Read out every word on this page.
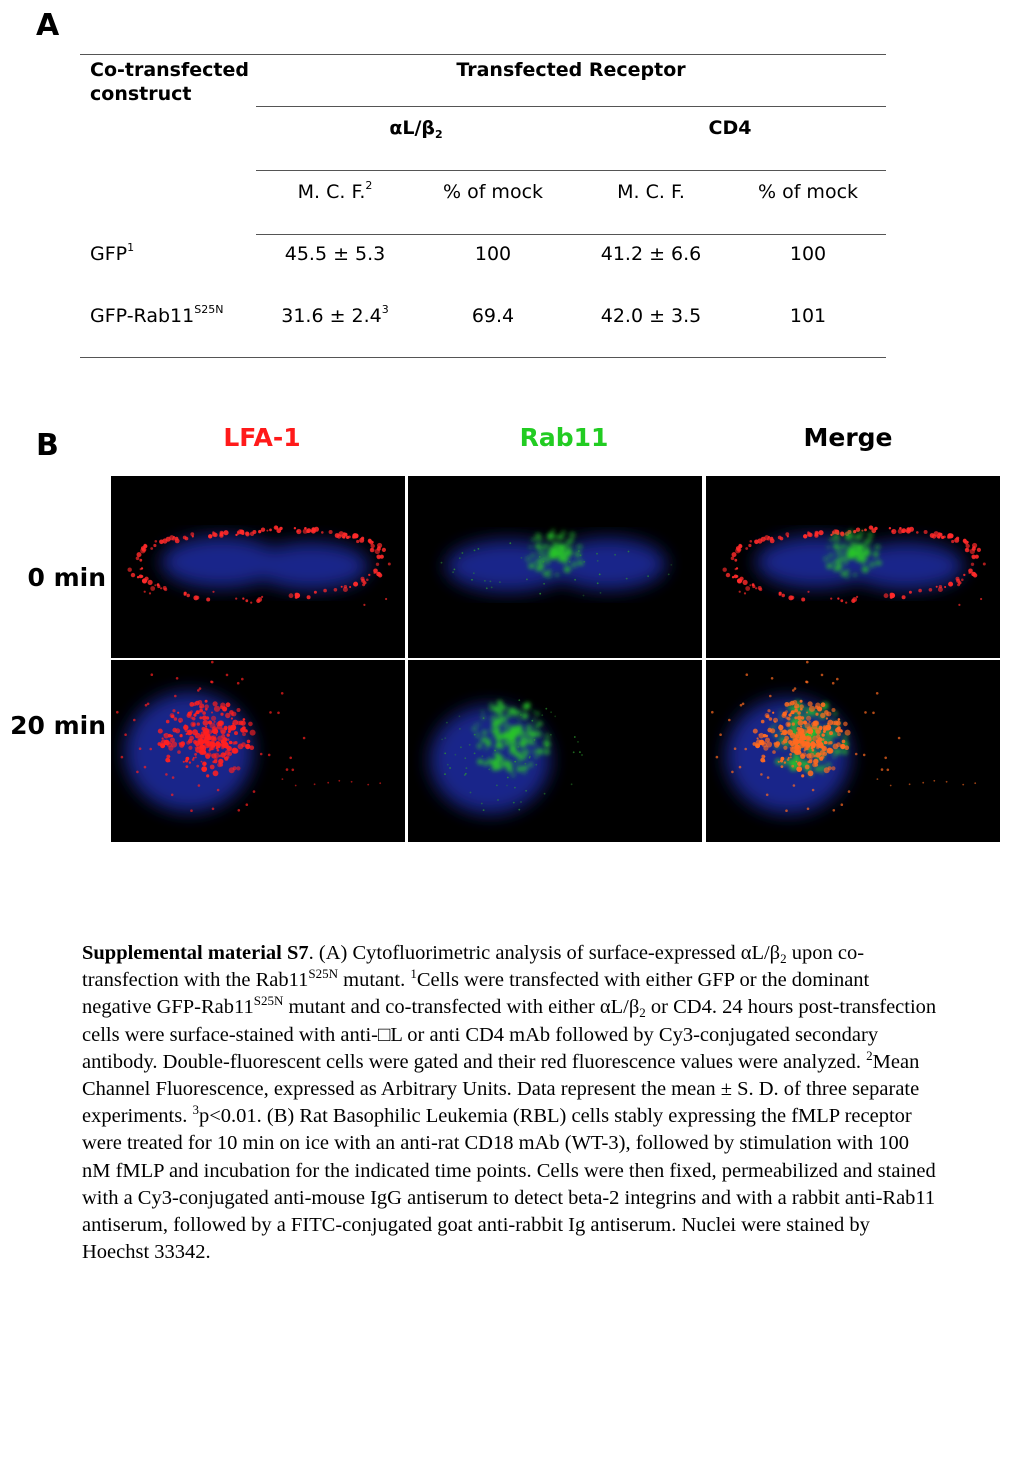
A
Co-transfected construct
Transfected Receptor
$\alpha L/\beta_2$	CD4
M. C. F.$^2$	% of mock	M. C. F.	% of mock
GFP$^1$	45.5 ± 5.3	100	41.2 ± 6.6	100
GFP-$Rab11^{S25N}$	$31.6 \pm 2.4^3$	69.4	42.0 ± 3.5	101
B	LFA-1	Rab11	Merge
0 min
20 min
Supplemental material S7. (A) Cytofluorimetric analysis of surface-expressed αL/β2 upon co-transfection with the $Rab11^{S25N}$ mutant. $^1$Cells were transfected with either GFP or the dominant negative GFP-$Rab11^{S25N}$ mutant and co-transfected with either αL/β2 or CD4. 24 hours post-transfection cells were surface-stained with anti-□L or anti CD4 mAb followed by Cy3-conjugated secondary antibody. Double-fluorescent cells were gated and their red fluorescence values were analyzed. $^2$Mean Channel Fluorescence, expressed as Arbitrary Units. Data represent the mean ± S. D. of three separate experiments. $^3$p<0.01. (B) Rat Basophilic Leukemia (RBL) cells stably expressing the fMLP receptor were treated for 10 min on ice with an anti-rat CD18 mAb (WT-3), followed by stimulation with 100 nM fMLP and incubation for the indicated time points. Cells were then fixed, permeabilized and stained with a Cy3-conjugated anti-mouse IgG antiserum to detect beta-2 integrins and with a rabbit anti-Rab11 antiserum, followed by a FITC-conjugated goat anti-rabbit Ig antiserum. Nuclei were stained by Hoechst 33342.
